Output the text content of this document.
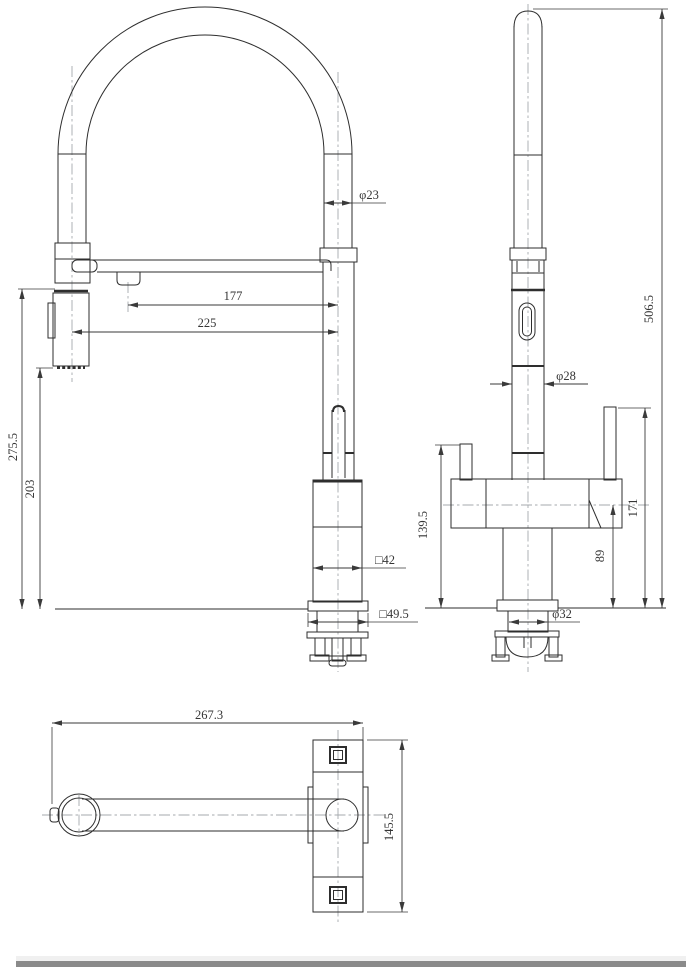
φ23
177
225
275.5
203
□42
□49.5
506.5
φ28
139.5
171
89
φ32
267.3
145.5
